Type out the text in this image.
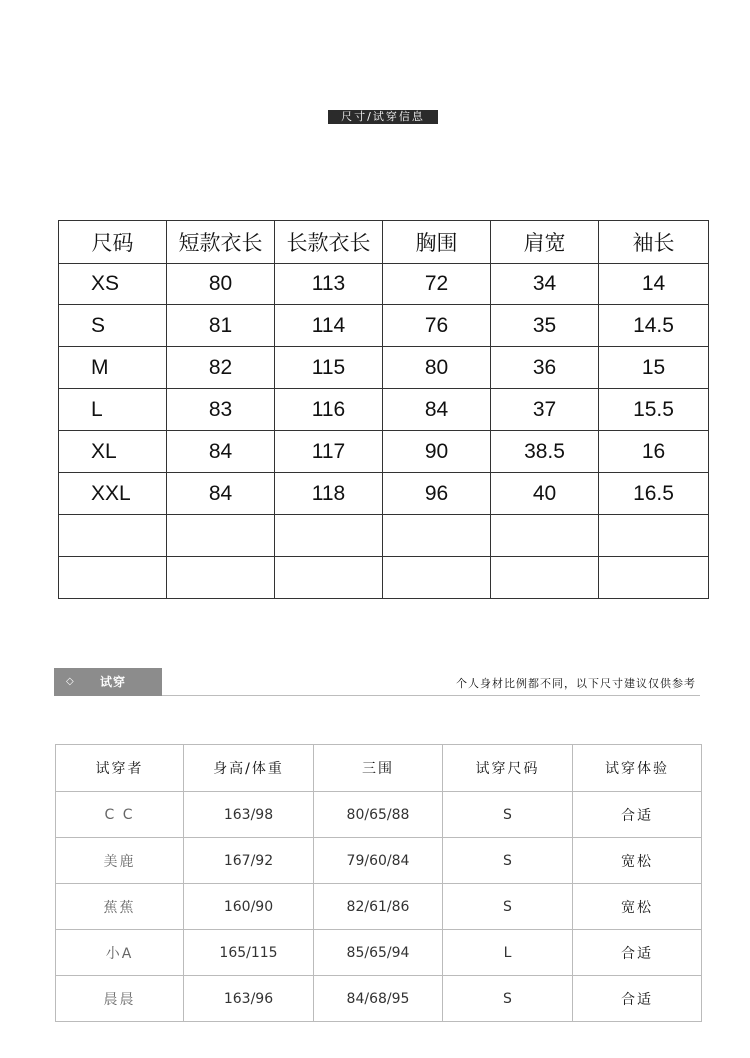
尺寸/试穿信息
尺码	短款衣长	长款衣长	胸围	肩宽	袖长
XS	80	113	72	34	14
S	81	114	76	35	14.5
M	82	115	80	36	15
L	83	116	84	37	15.5
XL	84	117	90	38.5	16
XXL	84	118	96	40	16.5

◇ 试穿	个人身材比例都不同，以下尺寸建议仅供参考
试穿者	身高/体重	三围	试穿尺码	试穿体验
C C	163/98	80/65/88	S	合适
美鹿	167/92	79/60/84	S	宽松
蕉蕉	160/90	82/61/86	S	宽松
小A	165/115	85/65/94	L	合适
晨晨	163/96	84/68/95	S	合适
